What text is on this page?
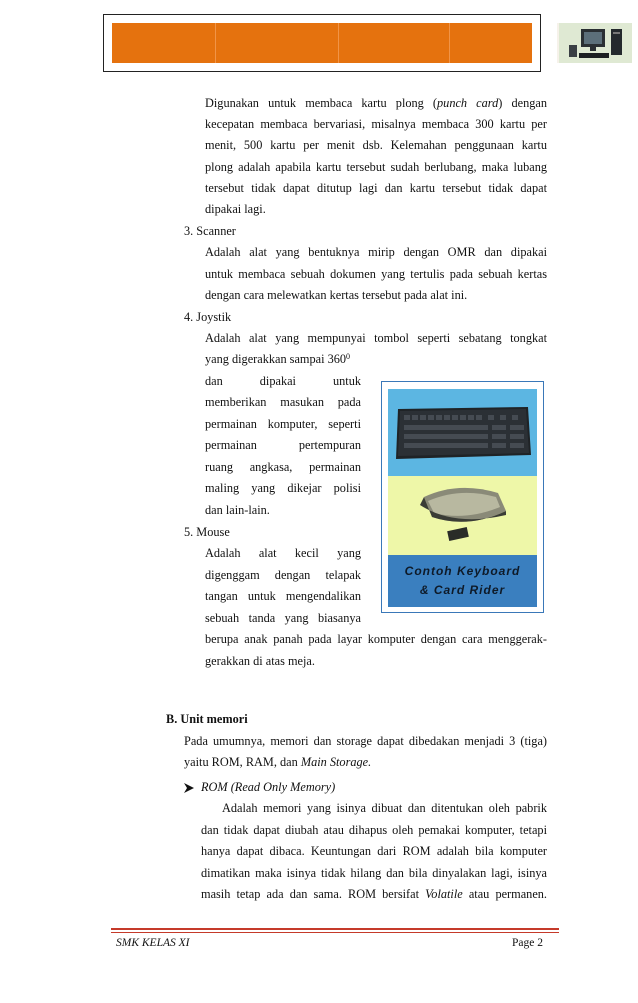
Digunakan untuk membaca kartu plong (punch card) dengan
kecepatan membaca bervariasi, misalnya membaca 300 kartu per
menit, 500 kartu per menit dsb. Kelemahan penggunaan kartu
plong adalah apabila kartu tersebut sudah berlubang, maka lubang
tersebut tidak dapat ditutup lagi dan kartu tersebut tidak dapat
dipakai lagi.
3. Scanner
Adalah alat yang bentuknya mirip dengan OMR dan dipakai
untuk membaca sebuah dokumen yang tertulis pada sebuah kertas
dengan cara melewatkan kertas tersebut pada alat ini.
4. Joystik
Adalah alat yang mempunyai tombol seperti sebatang tongkat
yang digerakkan sampai $360^0$
dan dipakai untuk
memberikan masukan pada
permainan komputer, seperti
permainan pertempuran
ruang angkasa, permainan
maling yang dikejar polisi
dan lain-lain.
5. Mouse
Adalah alat kecil yang
digenggam dengan telapak
tangan untuk mengendalikan
sebuah tanda yang biasanya
berupa anak panah pada layar komputer dengan cara menggerak-
gerakkan di atas meja.
Contoh Keyboard
& Card Rider
B. Unit memori
Pada umumnya, memori dan storage dapat dibedakan menjadi 3 (tiga)
yaitu ROM, RAM, dan Main Storage.
ROM (Read Only Memory)
Adalah memori yang isinya dibuat dan ditentukan oleh pabrik
dan tidak dapat diubah atau dihapus oleh pemakai komputer, tetapi
hanya dapat dibaca. Keuntungan dari ROM adalah bila komputer
dimatikan maka isinya tidak hilang dan bila dinyalakan lagi, isinya
masih tetap ada dan sama. ROM bersifat Volatile atau permanen.
SMK KELAS XI	Page 2
